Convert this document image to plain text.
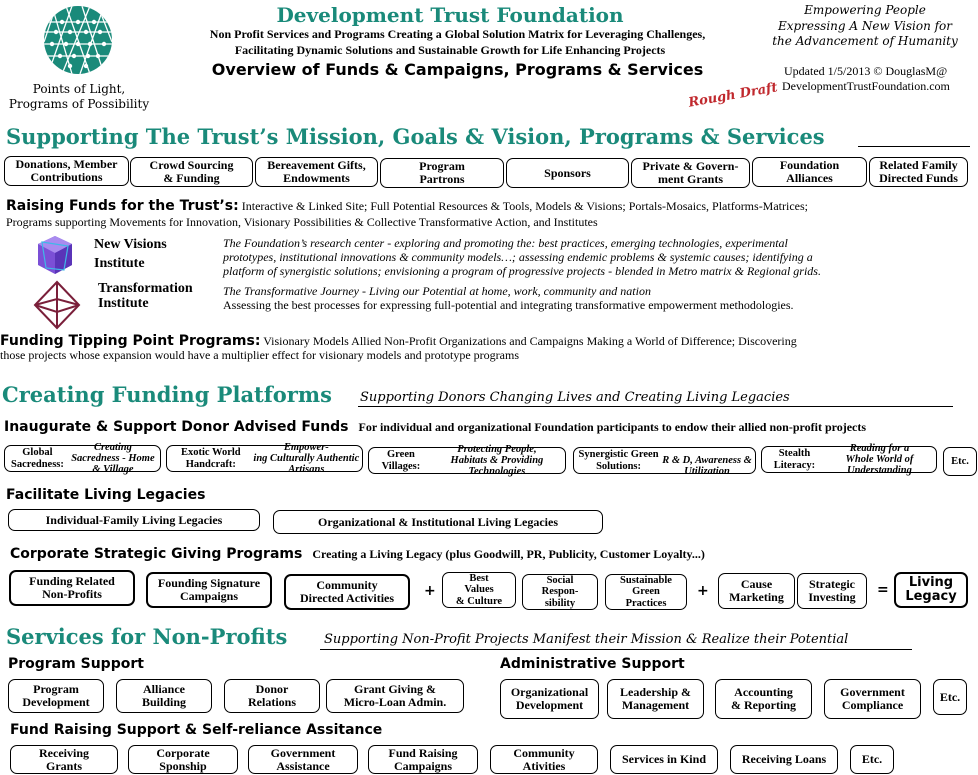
Points of Light,
Programs of Possibility
Development Trust Foundation
Non Profit Services and Programs Creating a Global Solution Matrix for Leveraging Challenges,
Facilitating Dynamic Solutions and Sustainable Growth for Life Enhancing Projects
Overview of Funds & Campaigns, Programs & Services
Empowering People
Expressing A New Vision for
the Advancement of Humanity
Updated 1/5/2013 © DouglasM@
DevelopmentTrustFoundation.com
Rough Draft
Supporting The Trust’s Mission, Goals & Vision, Programs & Services
Donations, Member
Contributions
Crowd Sourcing
& Funding
Bereavement Gifts,
Endowments
Program
Partrons	Sponsors	Private & Govern-
ment Grants
Foundation
Alliances
Related Family
Directed Funds
Raising Funds for the Trust’s: Interactive & Linked Site; Full Potential Resources & Tools, Models & Visions; Portals-Mosaics, Platforms-Matrices;
Programs supporting Movements for Innovation, Visionary Possibilities & Collective Transformative Action, and Institutes
New Visions
Institute
The Foundation’s research center - exploring and promoting the: best practices, emerging technologies, experimental
prototypes, institutional innovations & community models…; assessing endemic problems & systemic causes; identifying a
platform of synergistic solutions; envisioning a program of progressive projects - blended in Metro matrix & Regional grids.
Transformation
Institute
The Transformative Journey - Living our Potential at home, work, community and nation
Assessing the best processes for expressing full-potential and integrating transformative empowerment methodologies.
Funding Tipping Point Programs: Visionary Models Allied Non-Profit Organizations and Campaigns Making a World of Difference; Discovering
those projects whose expansion would have a multiplier effect for visionary models and prototype programs
Creating Funding Platforms Supporting Donors Changing Lives and Creating Living Legacies
Inaugurate & Support Donor Advised Funds For individual and organizational Foundation participants to endow their allied non-profit projects
Global Sacredness:
Creating
Sacredness - Home & Village
Exotic World Handcraft:
Empower-
ing Culturally Authentic Artisans
Green Villages:
Protecting People,
Habitats & Providing Technologies
Synergistic Green Solutions:	
R & D, Awareness & Utilization
Stealth Literacy:
Reading for a
Whole World of Understanding
Etc.
Facilitate Living Legacies
Individual-Family Living Legacies	Organizational & Institutional Living Legacies
Corporate Strategic Giving Programs Creating a Living Legacy (plus Goodwill, PR, Publicity, Customer Loyalty...)
Funding Related
Non-Profits
Founding Signature
Campaigns
Community
Directed Activities	+
Best
Values
& Culture
Social
Respon-
sibility
Sustainable
Green
Practices
+	Cause
Marketing
Strategic
Investing	=	Living
Legacy
Services for Non-Profits	Supporting Non-Profit Projects Manifest their Mission & Realize their Potential
Program Support
Program
Development
Alliance
Building
Donor
Relations
Grant Giving &
Micro-Loan Admin.
Administrative Support
Organizational
Development
Leadership &
Management
Accounting
& Reporting
Government
Compliance
Etc.
Fund Raising Support & Self-reliance Assitance
Receiving
Grants
Corporate
Sponship
Government
Assistance
Fund Raising
Campaigns
Community
Ativities	Services in Kind	Receiving Loans	Etc.
